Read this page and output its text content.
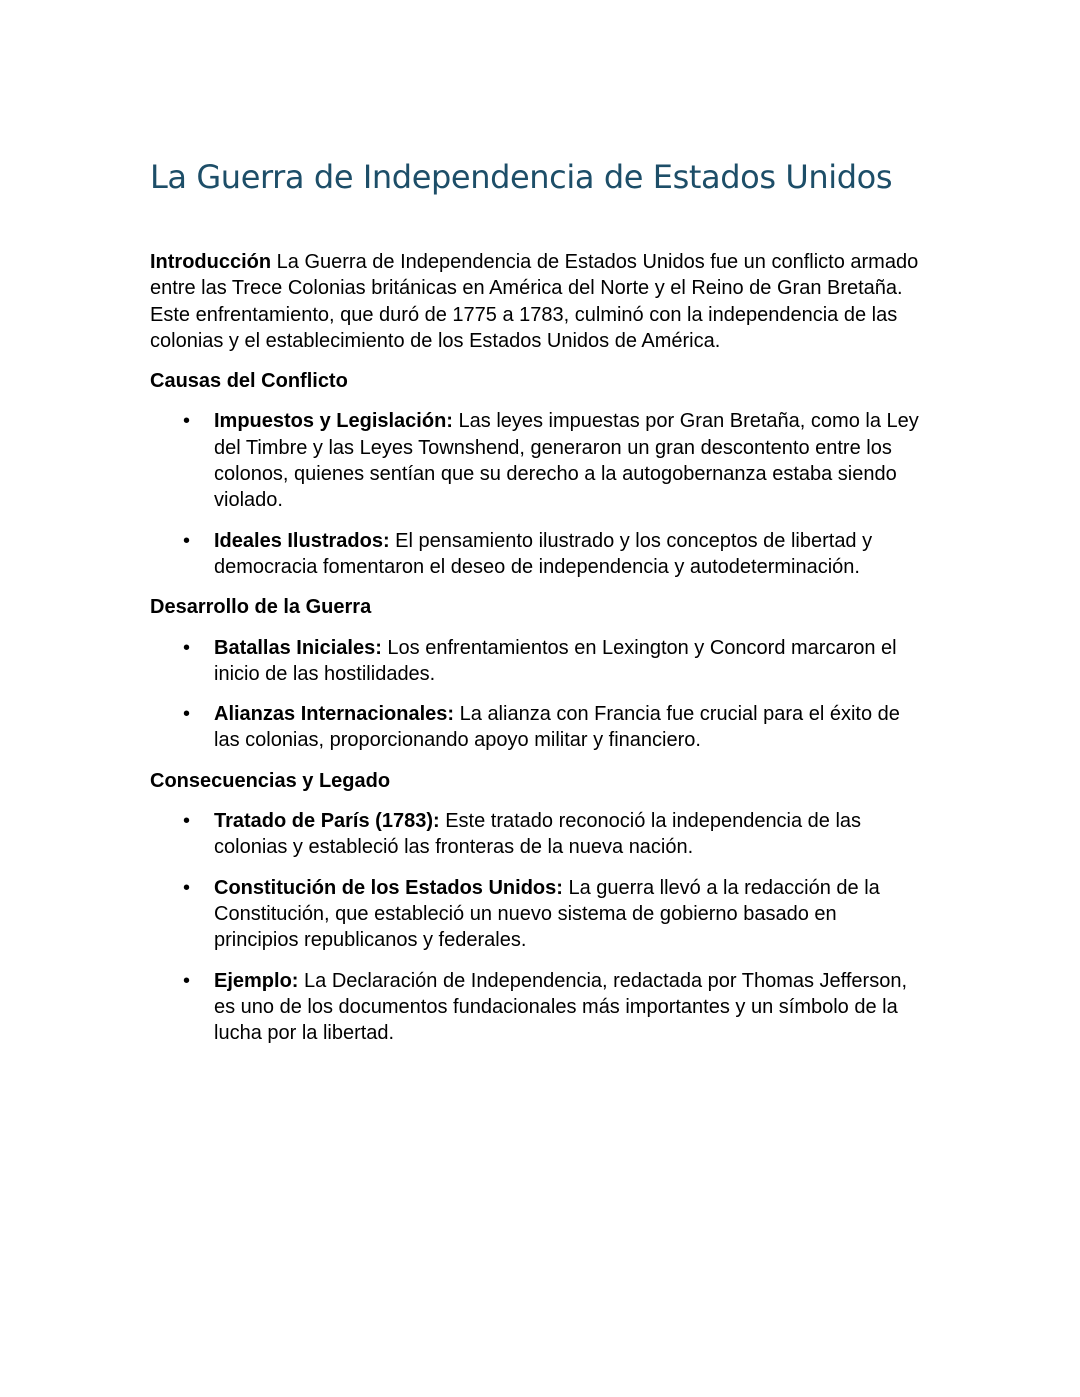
La Guerra de Independencia de Estados Unidos

Introducción La Guerra de Independencia de Estados Unidos fue un conflicto armado entre las Trece Colonias británicas en América del Norte y el Reino de Gran Bretaña. Este enfrentamiento, que duró de 1775 a 1783, culminó con la independencia de las colonias y el establecimiento de los Estados Unidos de América.

Causas del Conflicto

• Impuestos y Legislación: Las leyes impuestas por Gran Bretaña, como la Ley del Timbre y las Leyes Townshend, generaron un gran descontento entre los colonos, quienes sentían que su derecho a la autogobernanza estaba siendo violado.
• Ideales Ilustrados: El pensamiento ilustrado y los conceptos de libertad y democracia fomentaron el deseo de independencia y autodeterminación.

Desarrollo de la Guerra

• Batallas Iniciales: Los enfrentamientos en Lexington y Concord marcaron el inicio de las hostilidades.
• Alianzas Internacionales: La alianza con Francia fue crucial para el éxito de las colonias, proporcionando apoyo militar y financiero.

Consecuencias y Legado

• Tratado de París (1783): Este tratado reconoció la independencia de las colonias y estableció las fronteras de la nueva nación.
• Constitución de los Estados Unidos: La guerra llevó a la redacción de la Constitución, que estableció un nuevo sistema de gobierno basado en principios republicanos y federales.
• Ejemplo: La Declaración de Independencia, redactada por Thomas Jefferson, es uno de los documentos fundacionales más importantes y un símbolo de la lucha por la libertad.
